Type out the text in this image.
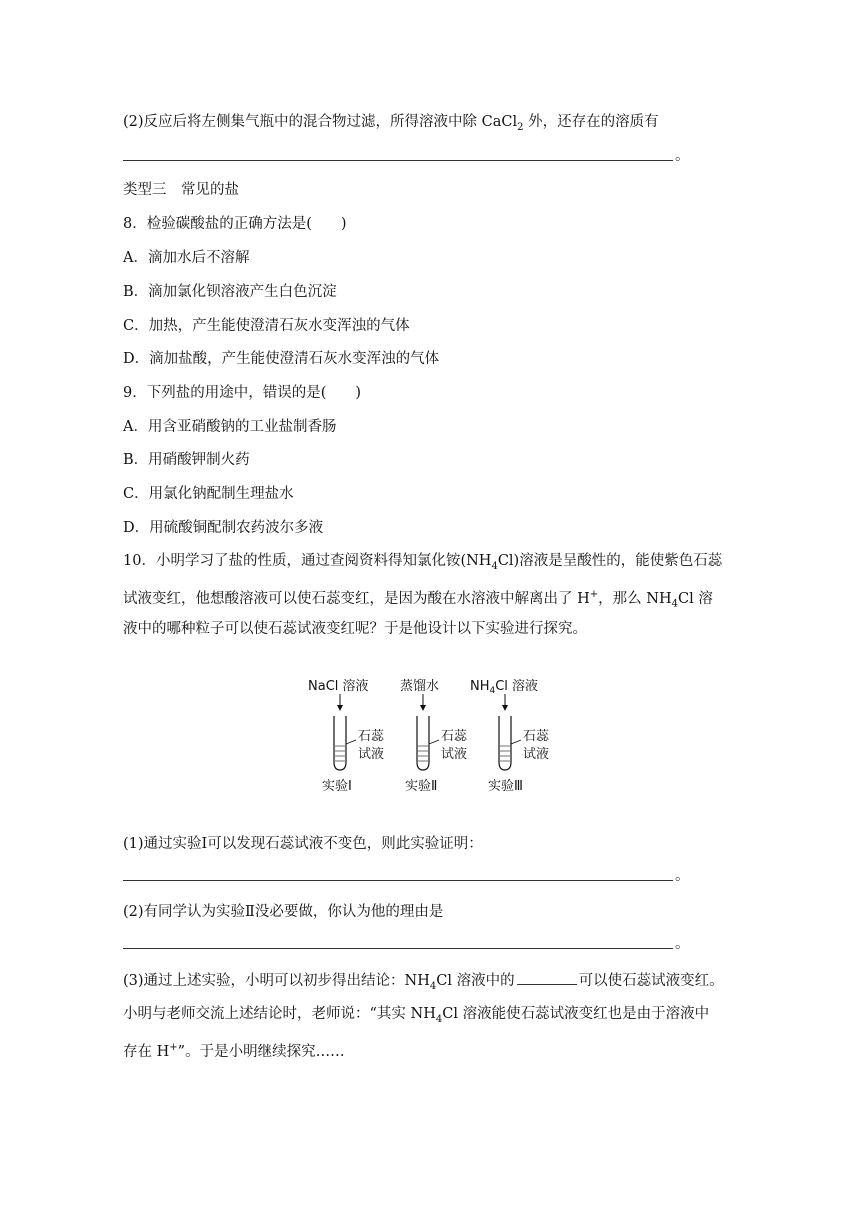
(2)反应后将左侧集气瓶中的混合物过滤，所得溶液中除 CaCl$_2$ 外，还存在的溶质有
。
类型三　常见的盐
8．检验碳酸盐的正确方法是(　　)
A．滴加水后不溶解
B．滴加氯化钡溶液产生白色沉淀
C．加热，产生能使澄清石灰水变浑浊的气体
D．滴加盐酸，产生能使澄清石灰水变浑浊的气体
9．下列盐的用途中，错误的是(　　)
A．用含亚硝酸钠的工业盐制香肠
B．用硝酸钾制火药
C．用氯化钠配制生理盐水
D．用硫酸铜配制农药波尔多液
10．小明学习了盐的性质，通过查阅资料得知氯化铵$(NH_4Cl)$溶液是呈酸性的，能使紫色石蕊
试液变红，他想酸溶液可以使石蕊变红，是因为酸在水溶液中解离出了 H+，那么 $NH_4Cl$ 溶
液中的哪种粒子可以使石蕊试液变红呢？于是他设计以下实验进行探究。
NaCl 溶液
石蕊
试液
实验Ⅰ
蒸馏水
石蕊
试液
实验Ⅱ
$NH_4Cl$ 溶液
石蕊
试液
实验Ⅲ
(1)通过实验Ⅰ可以发现石蕊试液不变色，则此实验证明：
。
(2)有同学认为实验Ⅱ没必要做，你认为他的理由是
。
(3)通过上述实验，小明可以初步得出结论：$NH_4Cl$ 溶液中的	可以使石蕊试液变红。
小明与老师交流上述结论时，老师说：“其实 $NH_4Cl$ 溶液能使石蕊试液变红也是由于溶液中
存在 H+”。于是小明继续探究……
